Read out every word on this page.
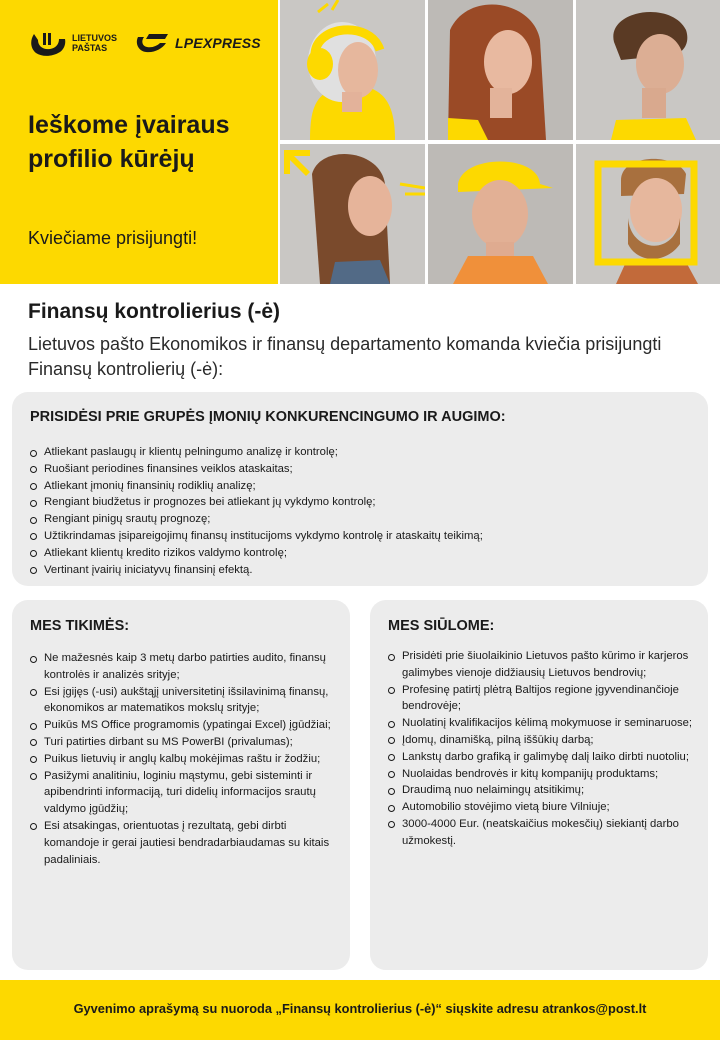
LIETUVOS
PAŠTAS	LPEXPRESS
Ieškome įvairaus profilio kūrėjų
Kviečiame prisijungti!
Finansų kontrolierius (-ė)
Lietuvos pašto Ekonomikos ir finansų departamento komanda kviečia prisijungti Finansų kontrolierių (-ė):
PRISIDĖSI PRIE GRUPĖS ĮMONIŲ KONKURENCINGUMO IR AUGIMO:
Atliekant paslaugų ir klientų pelningumo analizę ir kontrolę;
Ruošiant periodines finansines veiklos ataskaitas;
Atliekant įmonių finansinių rodiklių analizę;
Rengiant biudžetus ir prognozes bei atliekant jų vykdymo kontrolę;
Rengiant pinigų srautų prognozę;
Užtikrindamas įsipareigojimų finansų institucijoms vykdymo kontrolę ir ataskaitų teikimą;
Atliekant klientų kredito rizikos valdymo kontrolę;
Vertinant įvairių iniciatyvų finansinį efektą.
MES TIKIMĖS:
Ne mažesnės kaip 3 metų darbo patirties audito, finansų kontrolės ir analizės srityje;
Esi įgijęs (-usi) aukštąjį universitetinį išsilavinimą finansų, ekonomikos ar matematikos mokslų srityje;
Puikūs MS Office programomis (ypatingai Excel) įgūdžiai;
Turi patirties dirbant su MS PowerBI (privalumas);
Puikus lietuvių ir anglų kalbų mokėjimas raštu ir žodžiu;
Pasižymi analitiniu, loginiu mąstymu, gebi sisteminti ir apibendrinti informaciją, turi didelių informacijos srautų valdymo įgūdžių;
Esi atsakingas, orientuotas į rezultatą, gebi dirbti komandoje ir gerai jautiesi bendradarbiaudamas su kitais padaliniais.
MES SIŪLOME:
Prisidėti prie šiuolaikinio Lietuvos pašto kūrimo ir karjeros galimybes vienoje didžiausių Lietuvos bendrovių;
Profesinę patirtį plėtrą Baltijos regione įgyvendinančioje bendrovėje;
Nuolatinį kvalifikacijos kėlimą mokymuose ir seminaruose;
Įdomų, dinamišką, pilną iššūkių darbą;
Lankstų darbo grafiką ir galimybę dalį laiko dirbti nuotoliu;
Nuolaidas bendrovės ir kitų kompanijų produktams;
Draudimą nuo nelaimingų atsitikimų;
Automobilio stovėjimo vietą biure Vilniuje;
3000-4000 Eur. (neatskaičius mokesčių) siekiantį darbo užmokestį.
Gyvenimo aprašymą su nuoroda „Finansų kontrolierius (-ė)“ siųskite adresu atrankos@post.lt
